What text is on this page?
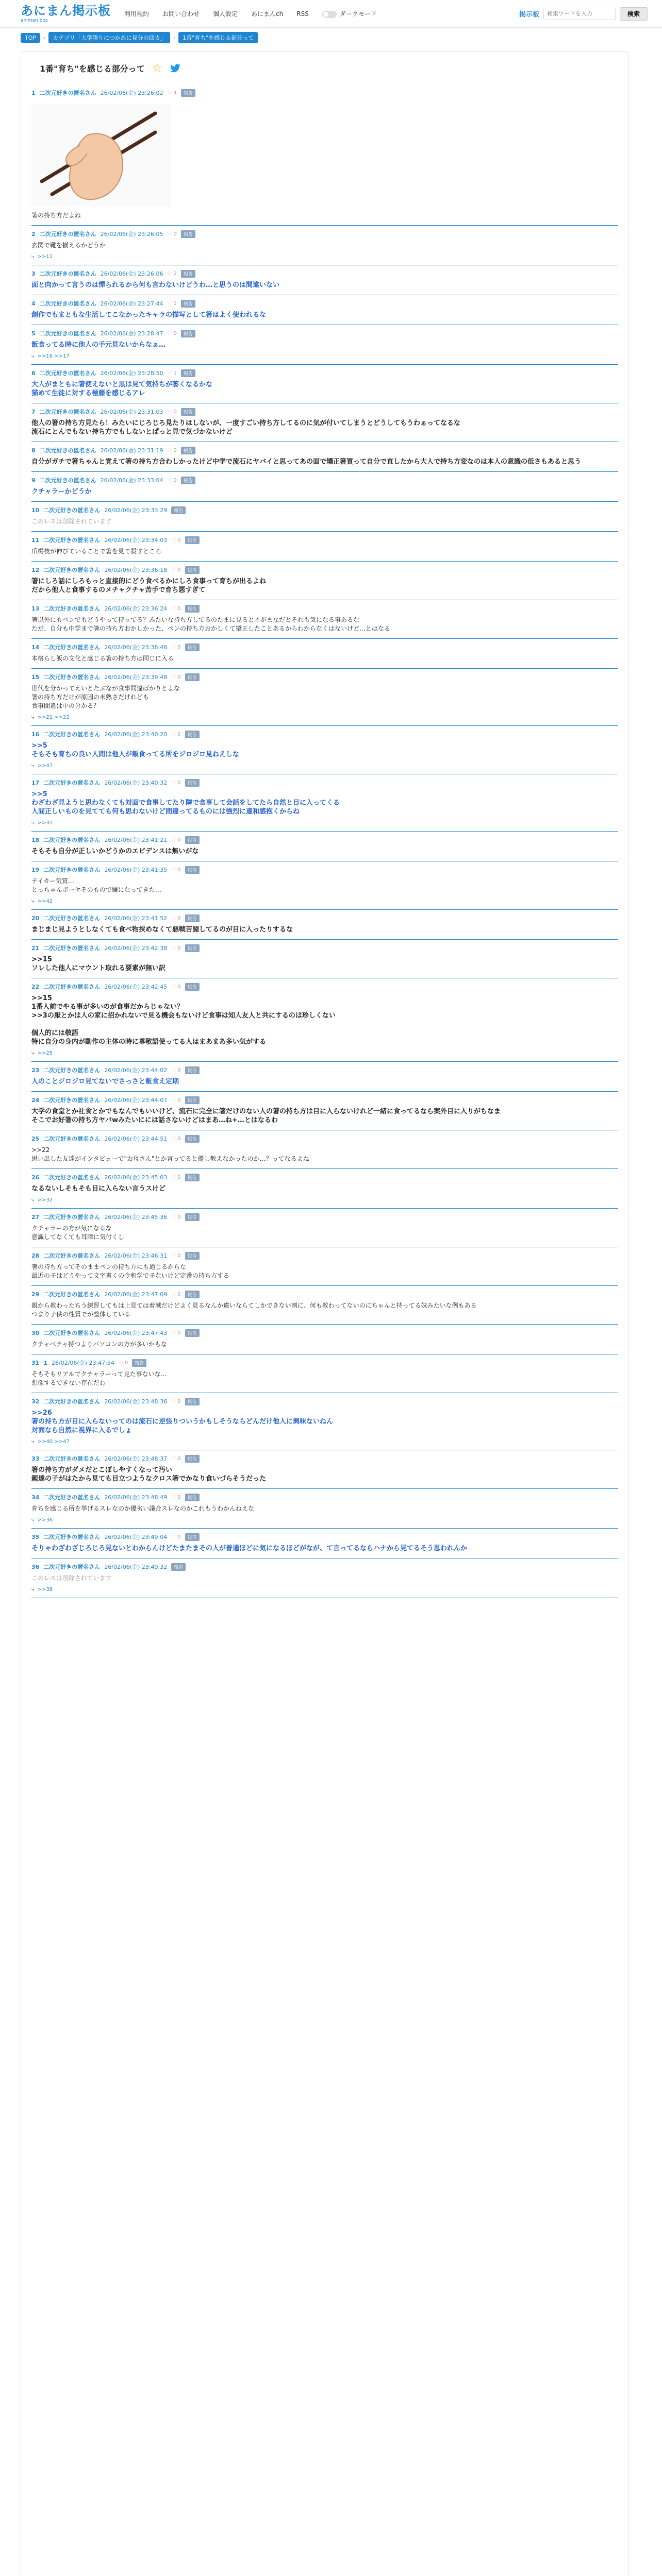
あにまん掲示板
animan bbs
利用規約 お問い合わせ 個人設定 あにまんch RSS	ダークモード	掲示板
検索ワードを入力	検索
TOP	›	カテゴリ「大学語りにつかあに見分の回カ」	›	1番"育ち"を感じる部分って
1番"育ち"を感じる部分って ☆
1 二次元好きの匿名さん 26/02/06(金) 23:26:02 ♡ 4	報告
箸の持ち方だよね
2 二次元好きの匿名さん 26/02/06(金) 23:26:05 ♡ 0	報告
玄関で靴を揃えるかどうか
⤷ >>12
3 二次元好きの匿名さん 26/02/06(金) 23:26:06 ♡ 2	報告
面と向かって言うのは憚られるから何も言わないけどうわ…と思うのは間違いない
4 二次元好きの匿名さん 26/02/06(金) 23:27:44 ♡ 1	報告
創作でもまともな生活してこなかったキャラの描写として箸はよく使われるな
5 二次元好きの匿名さん 26/02/06(金) 23:28:47 ♡ 0	報告
飯食ってる時に他人の手元見ないからなぁ…
⤷ >>16 >>17
6 二次元好きの匿名さん 26/02/06(金) 23:28:50 ♡ 1	報告
大人がまともに箸使えないと黒は見て気持ちが萎くなるかな
猫めて生徒に対する極藤を感じるアレ
7 二次元好きの匿名さん 26/02/06(金) 23:31:03 ♡ 0	報告
他人の箸の持ち方見たら！みたいにじろじろ見たりはしないが、一度すごい持ち方してるのに気が付いてしまうとどうしてもうわぁってなるな
流石にとんでもない持ち方でもしないとぱっと見で気づかないけど
8 二次元好きの匿名さん 26/02/06(金) 23:31:19 ♡ 0	報告
自分がガチで箸ちゃんと覚えて箸の持ち方合わしかったけど中学で流石にヤバイと思ってあの面で矯正箸買って自分で直したから大人で持ち方変なのは本人の意識の低さもあると思う
9 二次元好きの匿名さん 26/02/06(金) 23:33:04 ♡ 0	報告
クチャラーかどうか
10 二次元好きの匿名さん 26/02/06(金) 23:33:29	報告
このレスは削除されています
11 二次元好きの匿名さん 26/02/06(金) 23:34:03 ♡ 0	報告
爪楊枝が伸びていることで箸を見て殺すところ
12 二次元好きの匿名さん 26/02/06(金) 23:36:18 ♡ 0	報告
箸にしろ話にしろもっと直接的にどう食べるかにしろ食事って育ちが出るよね
だから他人と食事するのメチャクチャ苦手で育ち悪すぎて
13 二次元好きの匿名さん 26/02/06(金) 23:36:24 ♡ 0	報告
箸以外にもベンでもどうやって持ってる？みたいな持ち方してるのたまに見ると才がまなだとそれも気になる事あるな
ただ、自分も中学まで箸の持ち方おかしかった、ペンの持ち方おかしくて矯正したことあるからわからなくはないけど…とはなる
14 二次元好きの匿名さん 26/02/06(金) 23:38:46 ♡ 0	報告
本格らし飯の文化と感じる箸の持ち方は同じに入る
15 二次元好きの匿名さん 26/02/06(金) 23:39:48 ♡ 0	報告
世代を分かってえいとたぶなが食事間違ばかりとよな
箸の持ち方だけが原因の未熟さだけれども
食事間違は中の分かる？
⤷ >>21 >>22
16 二次元好きの匿名さん 26/02/06(金) 23:40:20 ♡ 0	報告
>>5
そもそも育ちの良い人間は他人が飯食ってる所をジロジロ見ねえしな
⤷ >>47
17 二次元好きの匿名さん 26/02/06(金) 23:40:32 ♡ 0	報告
>>5
わざわざ見ようと思わなくても対面で食事してたり隣で食事して会話をしてたら自然と目に入ってくる
人間正しいものを見てても何も思わないけど間違ってるものには強烈に違和感抱くからね
⤷ >>31
18 二次元好きの匿名さん 26/02/06(金) 23:41:21 ♡ 0	報告
そもそも自分が正しいかどうかのエビデンスは無いがな
19 二次元好きの匿名さん 26/02/06(金) 23:41:35 ♡ 0	報告
テイカー気質…
とっちゃんボーヤそのもので嫌になってきた…
⤷ >>42
20 二次元好きの匿名さん 26/02/06(金) 23:41:52 ♡ 0	報告
まじまじ見ようとしなくても食べ物挟めなくて悪戦苦闘してるのが目に入ったりするな
21 二次元好きの匿名さん 26/02/06(金) 23:42:38 ♡ 0	報告
>>15
ソレした他人にマウント取れる要素が無い訳
22 二次元好きの匿名さん 26/02/06(金) 23:42:45 ♡ 0	報告
>>15
1番人前でやる事が多いのが食事だからじゃない？
>>3の厭とかは人の家に招かれないで見る機会もないけど食事は知人友人と共にするのは珍しくない

個人的には敬語
特に自分の身内が動作の主体の時に尊敬語使ってる人はまあまあ多い気がする
⤷ >>25
23 二次元好きの匿名さん 26/02/06(金) 23:44:02 ♡ 0	報告
人のことジロジロ見てないでさっさと飯食え定期
24 二次元好きの匿名さん 26/02/06(金) 23:44:07 ♡ 0	報告
大学の食堂とか社食とかでもなんでもいいけど、流石に完全に箸だけのない人の箸の持ち方は目に入らないけれど一緒に食ってるなら案外目に入りがちなま
そこでお好箸の持ち方ヤバwみたいにには話さないけどはまあ…ね+…とはなるわ
25 二次元好きの匿名さん 26/02/06(金) 23:44:51 ♡ 0	報告
>>22
思い出した友達がインタビューで"お母さん"とか言ってると優し教えなかったのか…？ってなるよね
26 二次元好きの匿名さん 26/02/06(金) 23:45:03 ♡ 0	報告
なるないしそもそも目に入らない言うスけど
⤷ >>32
27 二次元好きの匿名さん 26/02/06(金) 23:45:36 ♡ 0	報告
クチャラーの方が気になるな
意識してなくても耳障に気付くし
28 二次元好きの匿名さん 26/02/06(金) 23:46:31 ♡ 0	報告
箸の持ち方ってそのままペンの持ち方にも通じるからな
最近の子はどうやって文字書くの令和学で子ないけど定番の持ち方する
29 二次元好きの匿名さん 26/02/06(金) 23:47:09 ♡ 0	報告
親から教わったちう練習してもは上見ては着滅だけどよく見るなんか違いならてしかできない割に、何も教わってないのにちゃんと持ってる妹みたいな例もある
つまり子供の性質でが整体している
30 二次元好きの匿名さん 26/02/06(金) 23:47:43 ♡ 0	報告
クチャベチャ持つよりパソコンの方が多いかもな
31 1 26/02/06(金) 23:47:54 ♡ 0	報告
そもそもリアルでクチャラーって見た事ないな…
想像するできない存在だわ
32 二次元好きの匿名さん 26/02/06(金) 23:48:36 ♡ 0	報告
>>26
箸の持ち方が目に入らないってのは流石に逆張りついうかもしそうならどんだけ他人に興味ないねん
対面なら自然に視界に入るでしょ
⤷ >>40 >>47
33 二次元好きの匿名さん 26/02/06(金) 23:48:37 ♡ 0	報告
箸の持ち方がダメだとこぼしやすくなって汚い
親達の子がはたから見ても目立つようなクロス箸でかなり食いづらそうだった
34 二次元好きの匿名さん 26/02/06(金) 23:48:49 ♡ 0	報告
育ちを感じる所を挙げるスレなのか優劣い議合スレなのかこれもうわかんねえな
⤷ >>36
35 二次元好きの匿名さん 26/02/06(金) 23:49:04 ♡ 0	報告
そりゃわざわざじろじろ見ないとわからんけどたまたまその人が普通ほどに気になるほどがなが、て言ってるならハナから見てるそう思われんか
36 二次元好きの匿名さん 26/02/06(金) 23:49:32	報告
このレスは削除されています
⤷ >>38
